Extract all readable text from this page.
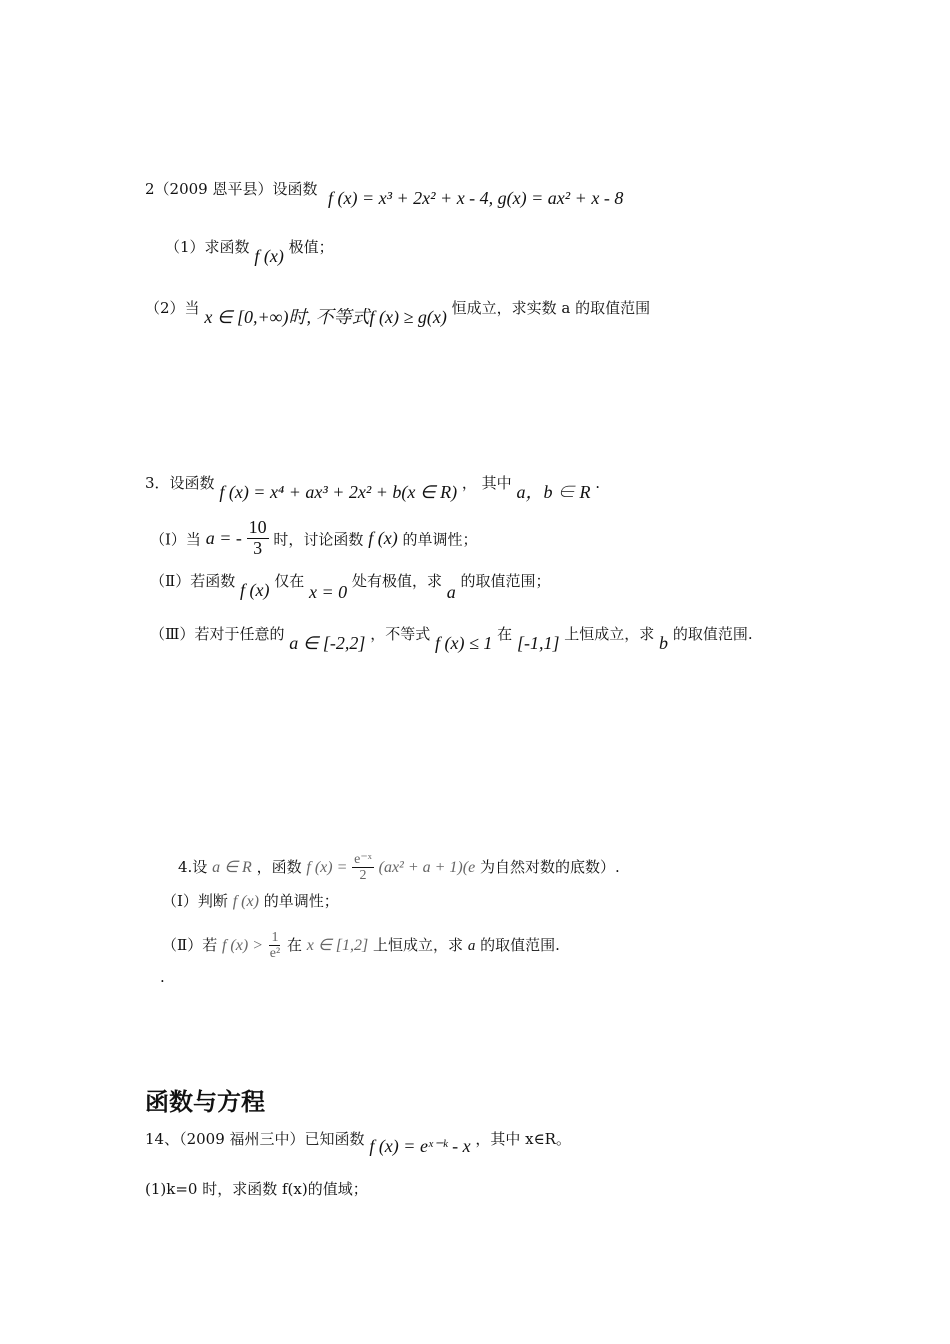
2（2009 恩平县）设函数 f (x) = x³ + 2x² + x - 4, g(x) = ax² + x - 8
（1）求函数 f (x) 极值；
（2）当 x ∈ [0,+∞)时, 不等式f (x) ≥ g(x) 恒成立，求实数 a 的取值范围
3．设函数 f (x) = x⁴ + ax³ + 2x² + b(x ∈ R) ， 其中 a，b ∈ R .
（Ⅰ）当 a = - $\frac{10}{3}$ 时，讨论函数 f (x) 的单调性；
（Ⅱ）若函数 f (x) 仅在 x = 0 处有极值，求 a 的取值范围；
（Ⅲ）若对于任意的 a ∈ [-2,2] ，不等式 f (x) ≤ 1 在 [-1,1] 上恒成立，求 b 的取值范围.
4.设 a ∈ R ，函数 f $(x) = \frac{\text{e⁻ˣ}}{2} (ax^2 + a + 1)(e$ 为自然对数的底数）.
（Ⅰ）判断 f (x) 的单调性；
（Ⅱ）若 f $(x) > \frac{1}{\text{e²}}$ 在 x ∈ [1,2] 上恒成立，求 a 的取值范围.
.
函数与方程
14、（2009 福州三中）已知函数 f (x) = eˣ⁻ᵏ - x ，其中 x∈R。
(1)k=0 时，求函数 f(x)的值域；
